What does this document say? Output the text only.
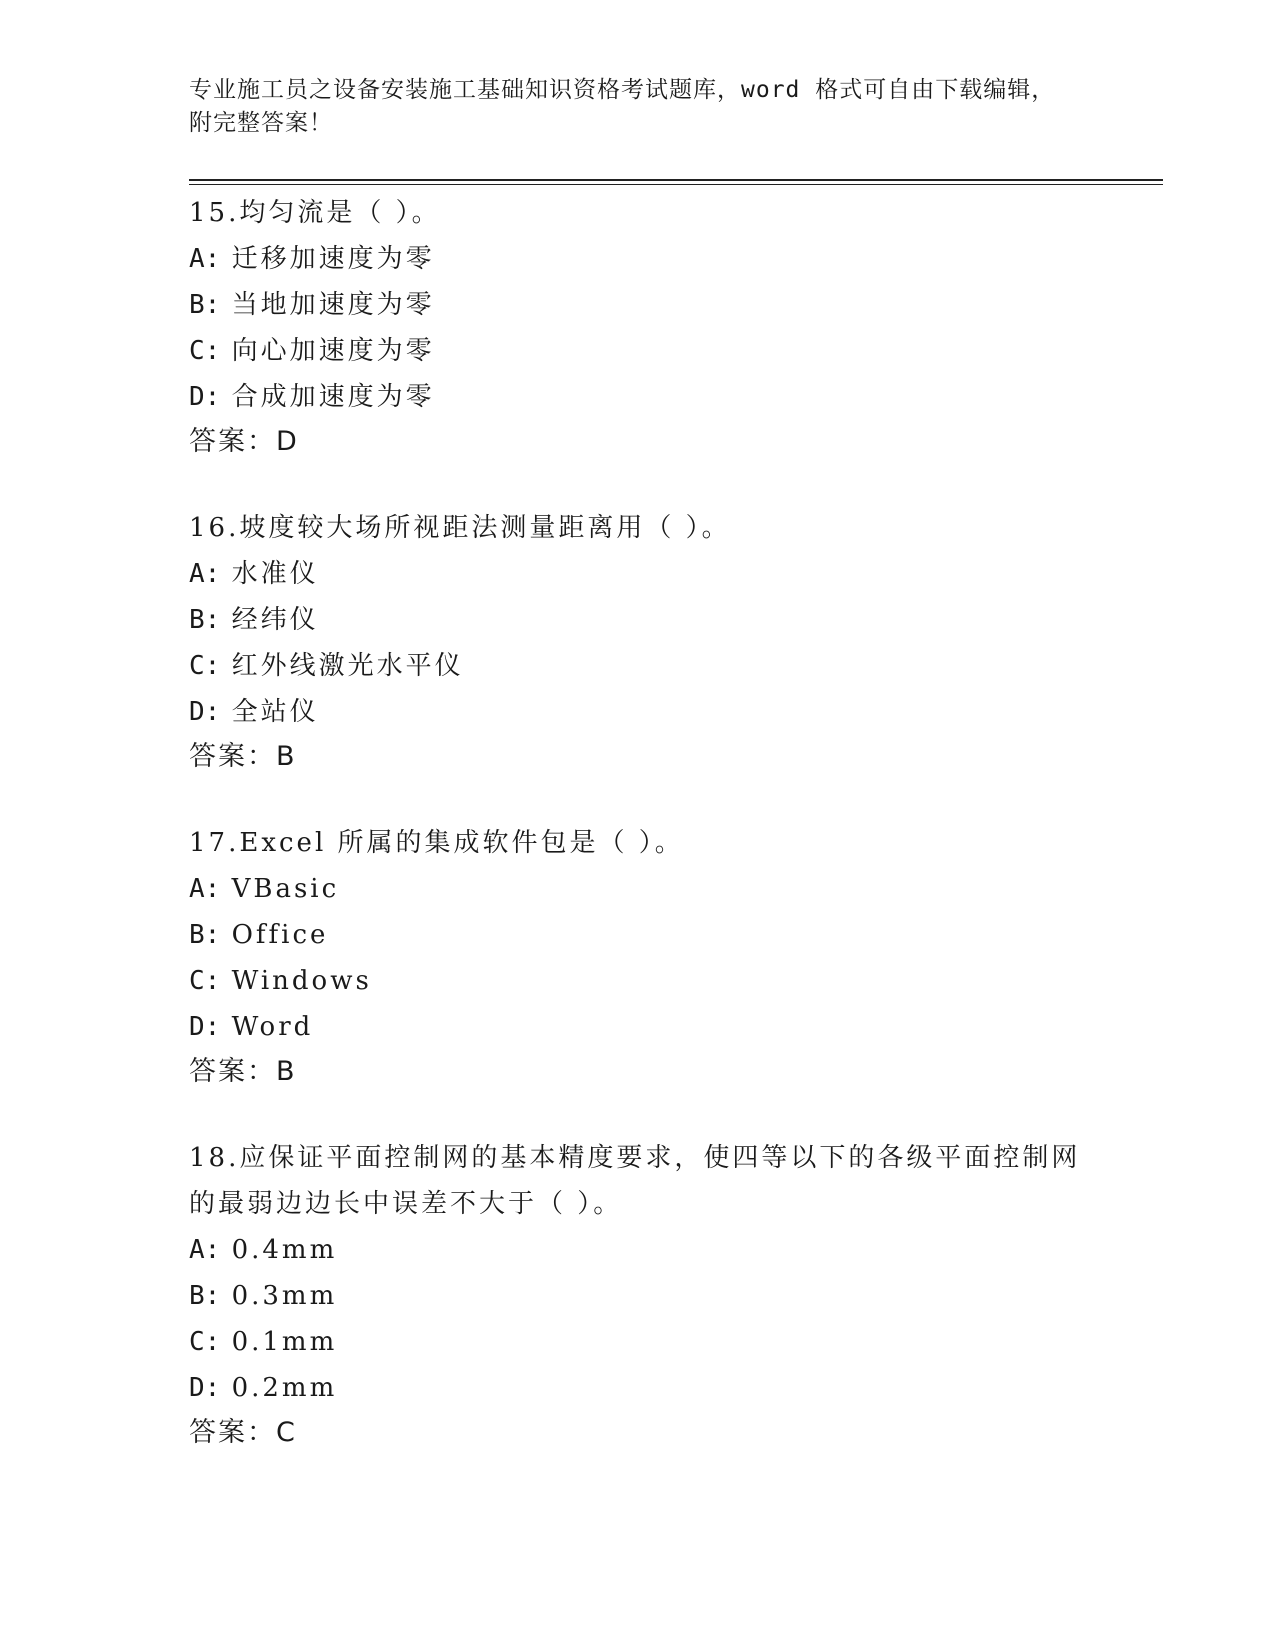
专业施工员之设备安装施工基础知识资格考试题库，word 格式可自由下载编辑，
附完整答案！
15.均匀流是（ ）。
A: 迁移加速度为零
B: 当地加速度为零
C: 向心加速度为零
D: 合成加速度为零
答案：D
16.坡度较大场所视距法测量距离用（ ）。
A: 水准仪
B: 经纬仪
C: 红外线激光水平仪
D: 全站仪
答案：B
17.Excel 所属的集成软件包是（ ）。
A: VBasic
B: Office
C: Windows
D: Word
答案：B
18.应保证平面控制网的基本精度要求，使四等以下的各级平面控制网的最弱边边长中误差不大于（ ）。
A: 0.4mm
B: 0.3mm
C: 0.1mm
D: 0.2mm
答案：C
